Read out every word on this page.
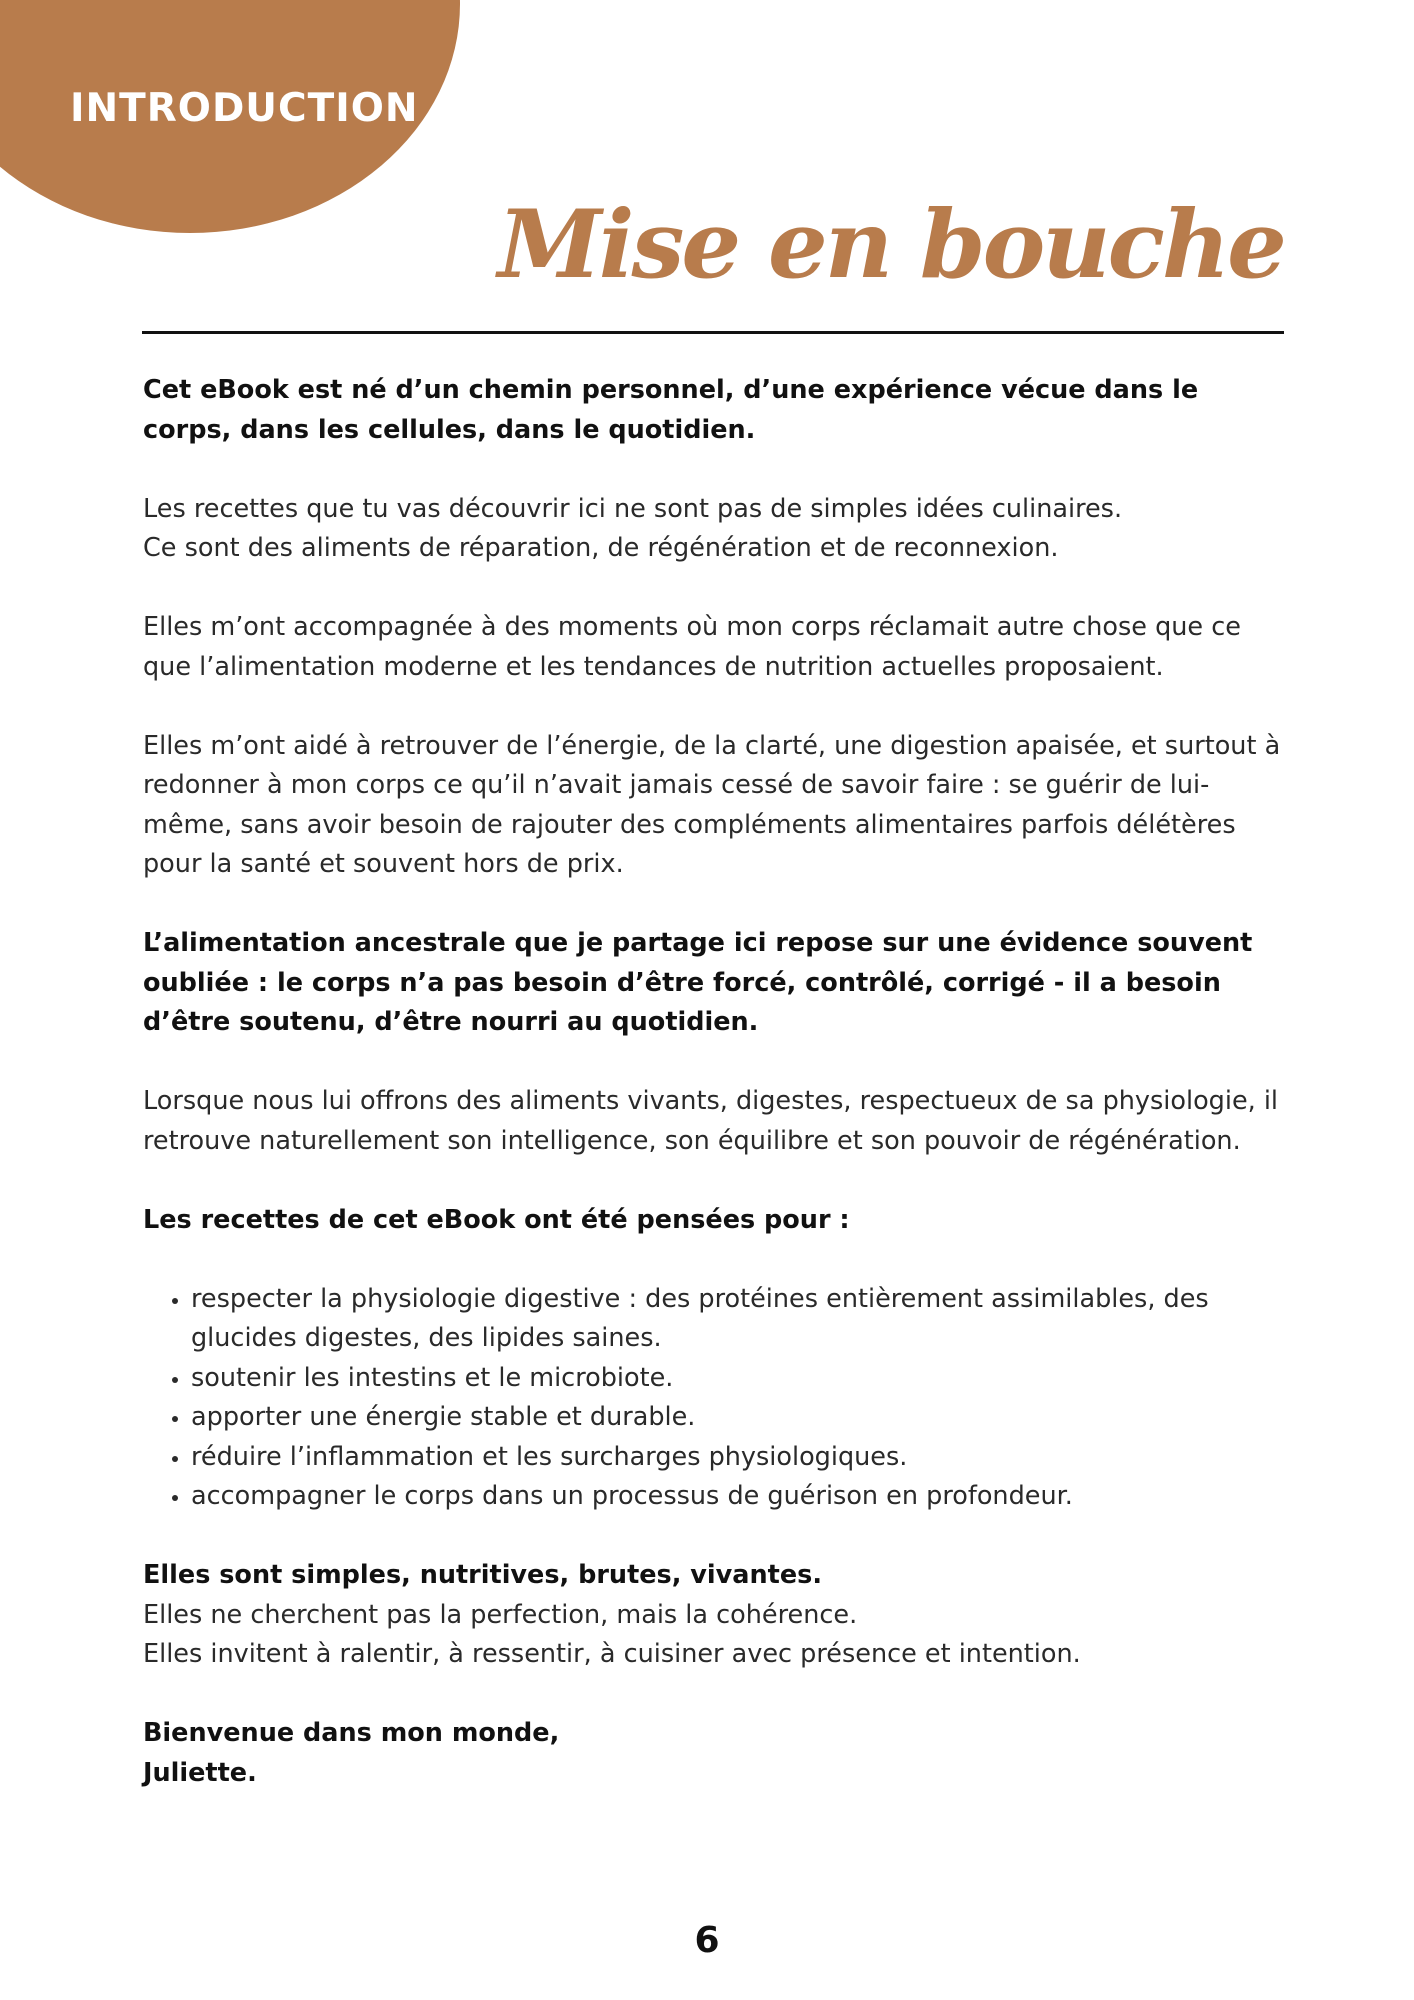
INTRODUCTION
Mise en bouche

Cet eBook est né d’un chemin personnel, d’une expérience vécue dans le corps, dans les cellules, dans le quotidien.

Les recettes que tu vas découvrir ici ne sont pas de simples idées culinaires.
Ce sont des aliments de réparation, de régénération et de reconnexion.

Elles m’ont accompagnée à des moments où mon corps réclamait autre chose que ce que l’alimentation moderne et les tendances de nutrition actuelles proposaient.

Elles m’ont aidé à retrouver de l’énergie, de la clarté, une digestion apaisée, et surtout à redonner à mon corps ce qu’il n’avait jamais cessé de savoir faire : se guérir de lui-même, sans avoir besoin de rajouter des compléments alimentaires parfois délétères pour la santé et souvent hors de prix.

L’alimentation ancestrale que je partage ici repose sur une évidence souvent oubliée : le corps n’a pas besoin d’être forcé, contrôlé, corrigé - il a besoin d’être soutenu, d’être nourri au quotidien.

Lorsque nous lui offrons des aliments vivants, digestes, respectueux de sa physiologie, il retrouve naturellement son intelligence, son équilibre et son pouvoir de régénération.

Les recettes de cet eBook ont été pensées pour :

• respecter la physiologie digestive : des protéines entièrement assimilables, des glucides digestes, des lipides saines.
• soutenir les intestins et le microbiote.
• apporter une énergie stable et durable.
• réduire l’inflammation et les surcharges physiologiques.
• accompagner le corps dans un processus de guérison en profondeur.

Elles sont simples, nutritives, brutes, vivantes.
Elles ne cherchent pas la perfection, mais la cohérence.
Elles invitent à ralentir, à ressentir, à cuisiner avec présence et intention.

Bienvenue dans mon monde,
Juliette.

6
